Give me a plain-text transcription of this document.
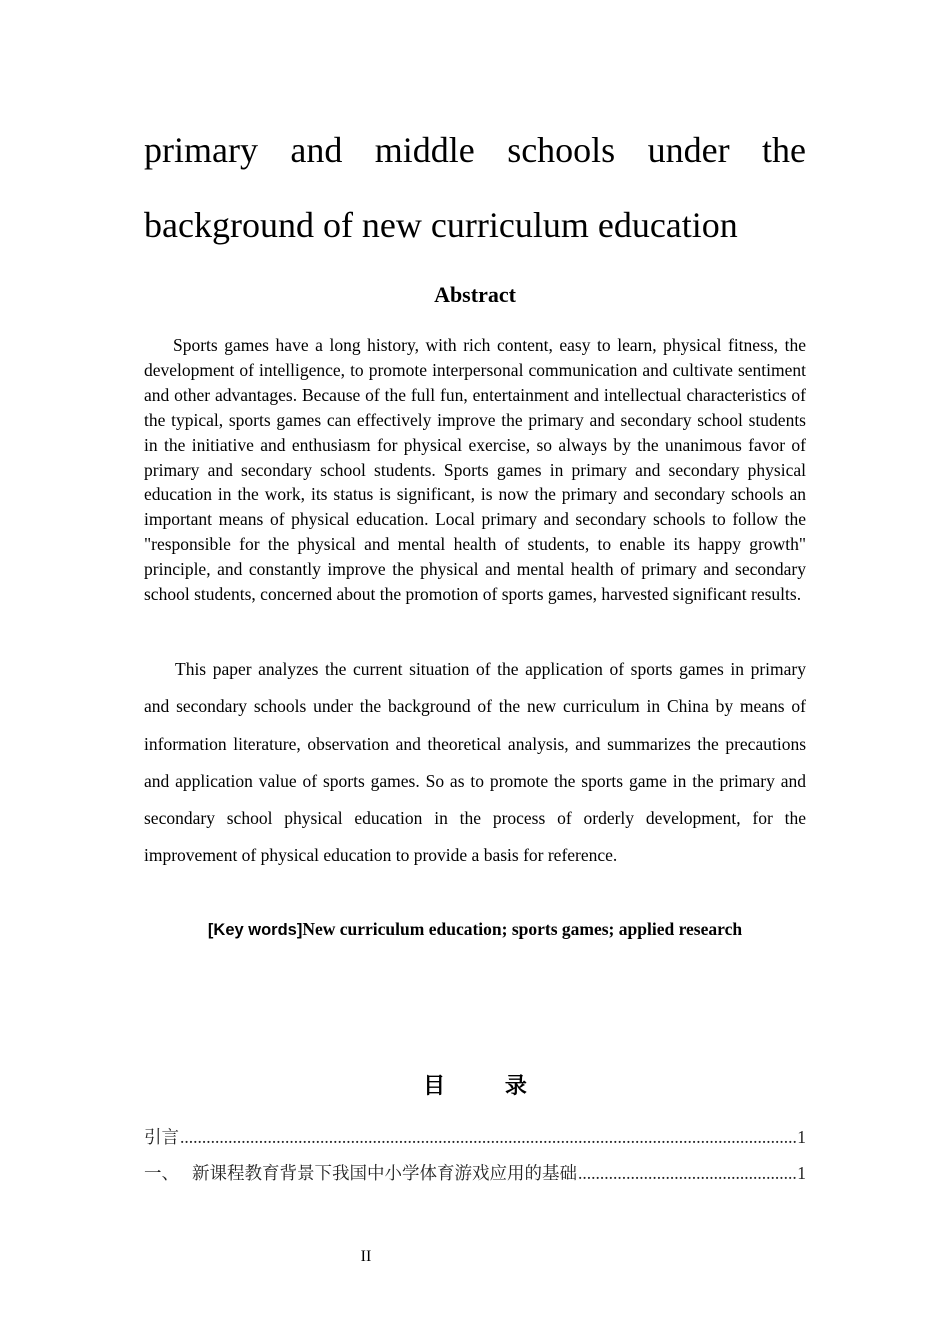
primary and middle schools under the
background of new curriculum education
Abstract

Sports games have a long history, with rich content, easy to learn, physical fitness, the development of intelligence, to promote interpersonal communication and cultivate sentiment and other advantages. Because of the full fun, entertainment and intellectual characteristics of the typical, sports games can effectively improve the primary and secondary school students in the initiative and enthusiasm for physical exercise, so always by the unanimous favor of primary and secondary school students. Sports games in primary and secondary physical education in the work, its status is significant, is now the primary and secondary schools an important means of physical education. Local primary and secondary schools to follow the "responsible for the physical and mental health of students, to enable its happy growth" principle, and constantly improve the physical and mental health of primary and secondary school students, concerned about the promotion of sports games, harvested significant results.

This paper analyzes the current situation of the application of sports games in primary and secondary schools under the background of the new curriculum in China by means of information literature, observation and theoretical analysis, and summarizes the precautions and application value of sports games. So as to promote the sports game in the primary and secondary school physical education in the process of orderly development, for the improvement of physical education to provide a basis for reference.

[Key words]New curriculum education; sports games; applied research
目 录
引言 .....	1
一、 新课程教育背景下我国中小学体育游戏应用的基础 .....	1
II
